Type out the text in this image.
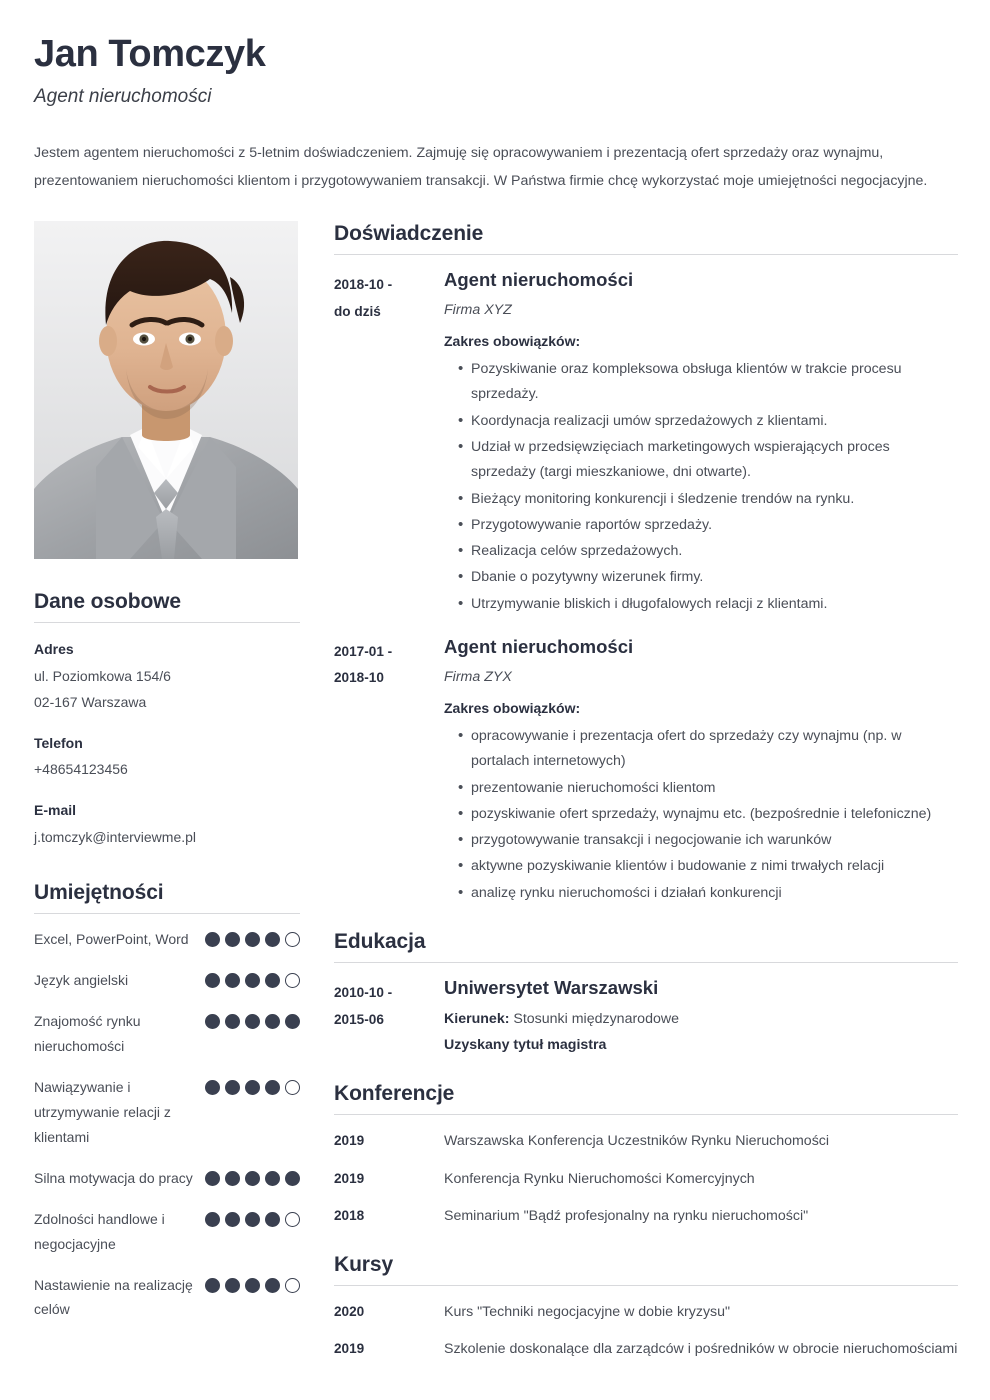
Jan Tomczyk
Agent nieruchomości
Jestem agentem nieruchomości z 5-letnim doświadczeniem. Zajmuję się opracowywaniem i prezentacją ofert sprzedaży oraz wynajmu, prezentowaniem nieruchomości klientom i przygotowywaniem transakcji. W Państwa firmie chcę wykorzystać moje umiejętności negocjacyjne.
Dane osobowe
Adres
ul. Poziomkowa 154/6
02-167 Warszawa
Telefon
+48654123456
E-mail
j.tomczyk@interviewme.pl
Umiejętności
Excel, PowerPoint, Word
Język angielski
Znajomość rynku nieruchomości
Nawiązywanie i utrzymywanie relacji z klientami
Silna motywacja do pracy
Zdolności handlowe i negocjacyjne
Nastawienie na realizację celów
Doświadczenie
2018-10 -
do dziś
Agent nieruchomości
Firma XYZ
Zakres obowiązków:
• Pozyskiwanie oraz kompleksowa obsługa klientów w trakcie procesu sprzedaży.
• Koordynacja realizacji umów sprzedażowych z klientami.
• Udział w przedsięwzięciach marketingowych wspierających proces sprzedaży (targi mieszkaniowe, dni otwarte).
• Bieżący monitoring konkurencji i śledzenie trendów na rynku.
• Przygotowywanie raportów sprzedaży.
• Realizacja celów sprzedażowych.
• Dbanie o pozytywny wizerunek firmy.
• Utrzymywanie bliskich i długofalowych relacji z klientami.
2017-01 -
2018-10
Agent nieruchomości
Firma ZYX
Zakres obowiązków:
• opracowywanie i prezentacja ofert do sprzedaży czy wynajmu (np. w portalach internetowych)
• prezentowanie nieruchomości klientom
• pozyskiwanie ofert sprzedaży, wynajmu etc. (bezpośrednie i telefoniczne)
• przygotowywanie transakcji i negocjowanie ich warunków
• aktywne pozyskiwanie klientów i budowanie z nimi trwałych relacji
• analizę rynku nieruchomości i działań konkurencji
Edukacja
2010-10 -
2015-06
Uniwersytet Warszawski
Kierunek: Stosunki międzynarodowe
Uzyskany tytuł magistra
Konferencje
2019	Warszawska Konferencja Uczestników Rynku Nieruchomości
2019	Konferencja Rynku Nieruchomości Komercyjnych
2018	Seminarium "Bądź profesjonalny na rynku nieruchomości"
Kursy
2020	Kurs "Techniki negocjacyjne w dobie kryzysu"
2019	Szkolenie doskonalące dla zarządców i pośredników w obrocie nieruchomościami
